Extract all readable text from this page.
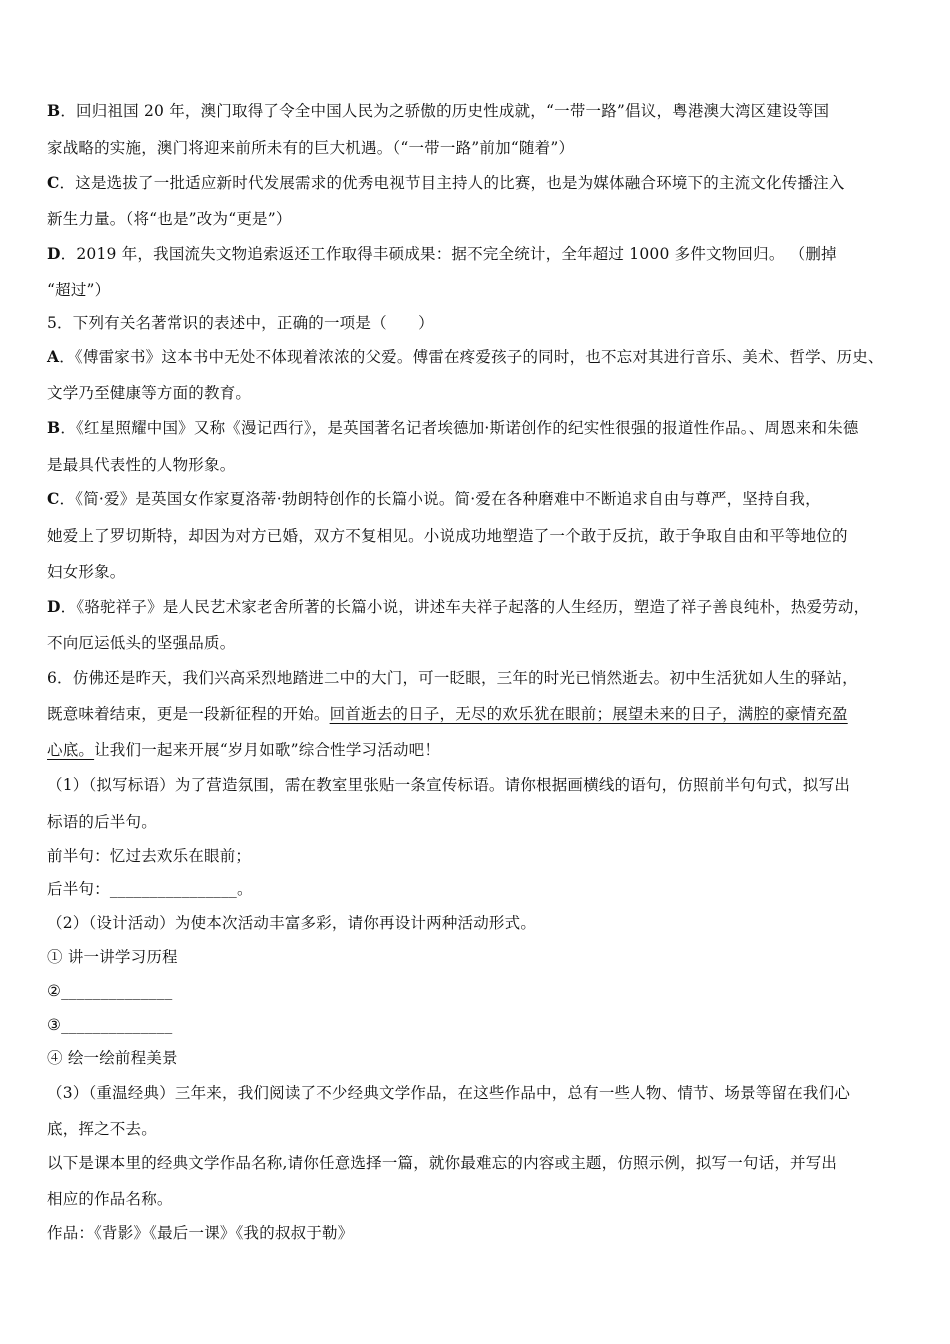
B．回归祖国 20 年，澳门取得了令全中国人民为之骄傲的历史性成就，“一带一路”倡议，粤港澳大湾区建设等国
家战略的实施，澳门将迎来前所未有的巨大机遇。（“一带一路”前加“随着”）
C．这是选拔了一批适应新时代发展需求的优秀电视节目主持人的比赛，也是为媒体融合环境下的主流文化传播注入
新生力量。（将“也是”改为“更是”）
D．2019 年，我国流失文物追索返还工作取得丰硕成果：据不完全统计，全年超过 1000 多件文物回归。 （删掉
“超过”）
5．下列有关名著常识的表述中，正确的一项是（　　）
A．《傅雷家书》这本书中无处不体现着浓浓的父爱。傅雷在疼爱孩子的同时，也不忘对其进行音乐、美术、哲学、历史、
文学乃至健康等方面的教育。
B．《红星照耀中国》又称《漫记西行》，是英国著名记者埃德加·斯诺创作的纪实性很强的报道性作品。、周恩来和朱德
是最具代表性的人物形象。
C．《简·爱》是英国女作家夏洛蒂·勃朗特创作的长篇小说。简·爱在各种磨难中不断追求自由与尊严，坚持自我，
她爱上了罗切斯特，却因为对方已婚，双方不复相见。小说成功地塑造了一个敢于反抗，敢于争取自由和平等地位的
妇女形象。
D．《骆驼祥子》是人民艺术家老舍所著的长篇小说，讲述车夫祥子起落的人生经历，塑造了祥子善良纯朴，热爱劳动，
不向厄运低头的坚强品质。
6．仿佛还是昨天，我们兴高采烈地踏进二中的大门，可一眨眼，三年的时光已悄然逝去。初中生活犹如人生的驿站，
既意味着结束，更是一段新征程的开始。回首逝去的日子，无尽的欢乐犹在眼前；展望未来的日子，满腔的豪情充盈
心底。让我们一起来开展“岁月如歌”综合性学习活动吧！
（1）（拟写标语）为了营造氛围，需在教室里张贴一条宣传标语。请你根据画横线的语句，仿照前半句句式，拟写出
标语的后半句。
前半句：忆过去欢乐在眼前；
后半句：________________。
（2）（设计活动）为使本次活动丰富多彩，请你再设计两种活动形式。
① 讲一讲学习历程
②______________
③______________
④ 绘一绘前程美景
（3）（重温经典）三年来，我们阅读了不少经典文学作品，在这些作品中，总有一些人物、情节、场景等留在我们心
底，挥之不去。
以下是课本里的经典文学作品名称,请你任意选择一篇，就你最难忘的内容或主题，仿照示例，拟写一句话，并写出
相应的作品名称。
作品：《背影》《最后一课》《我的叔叔于勒》
